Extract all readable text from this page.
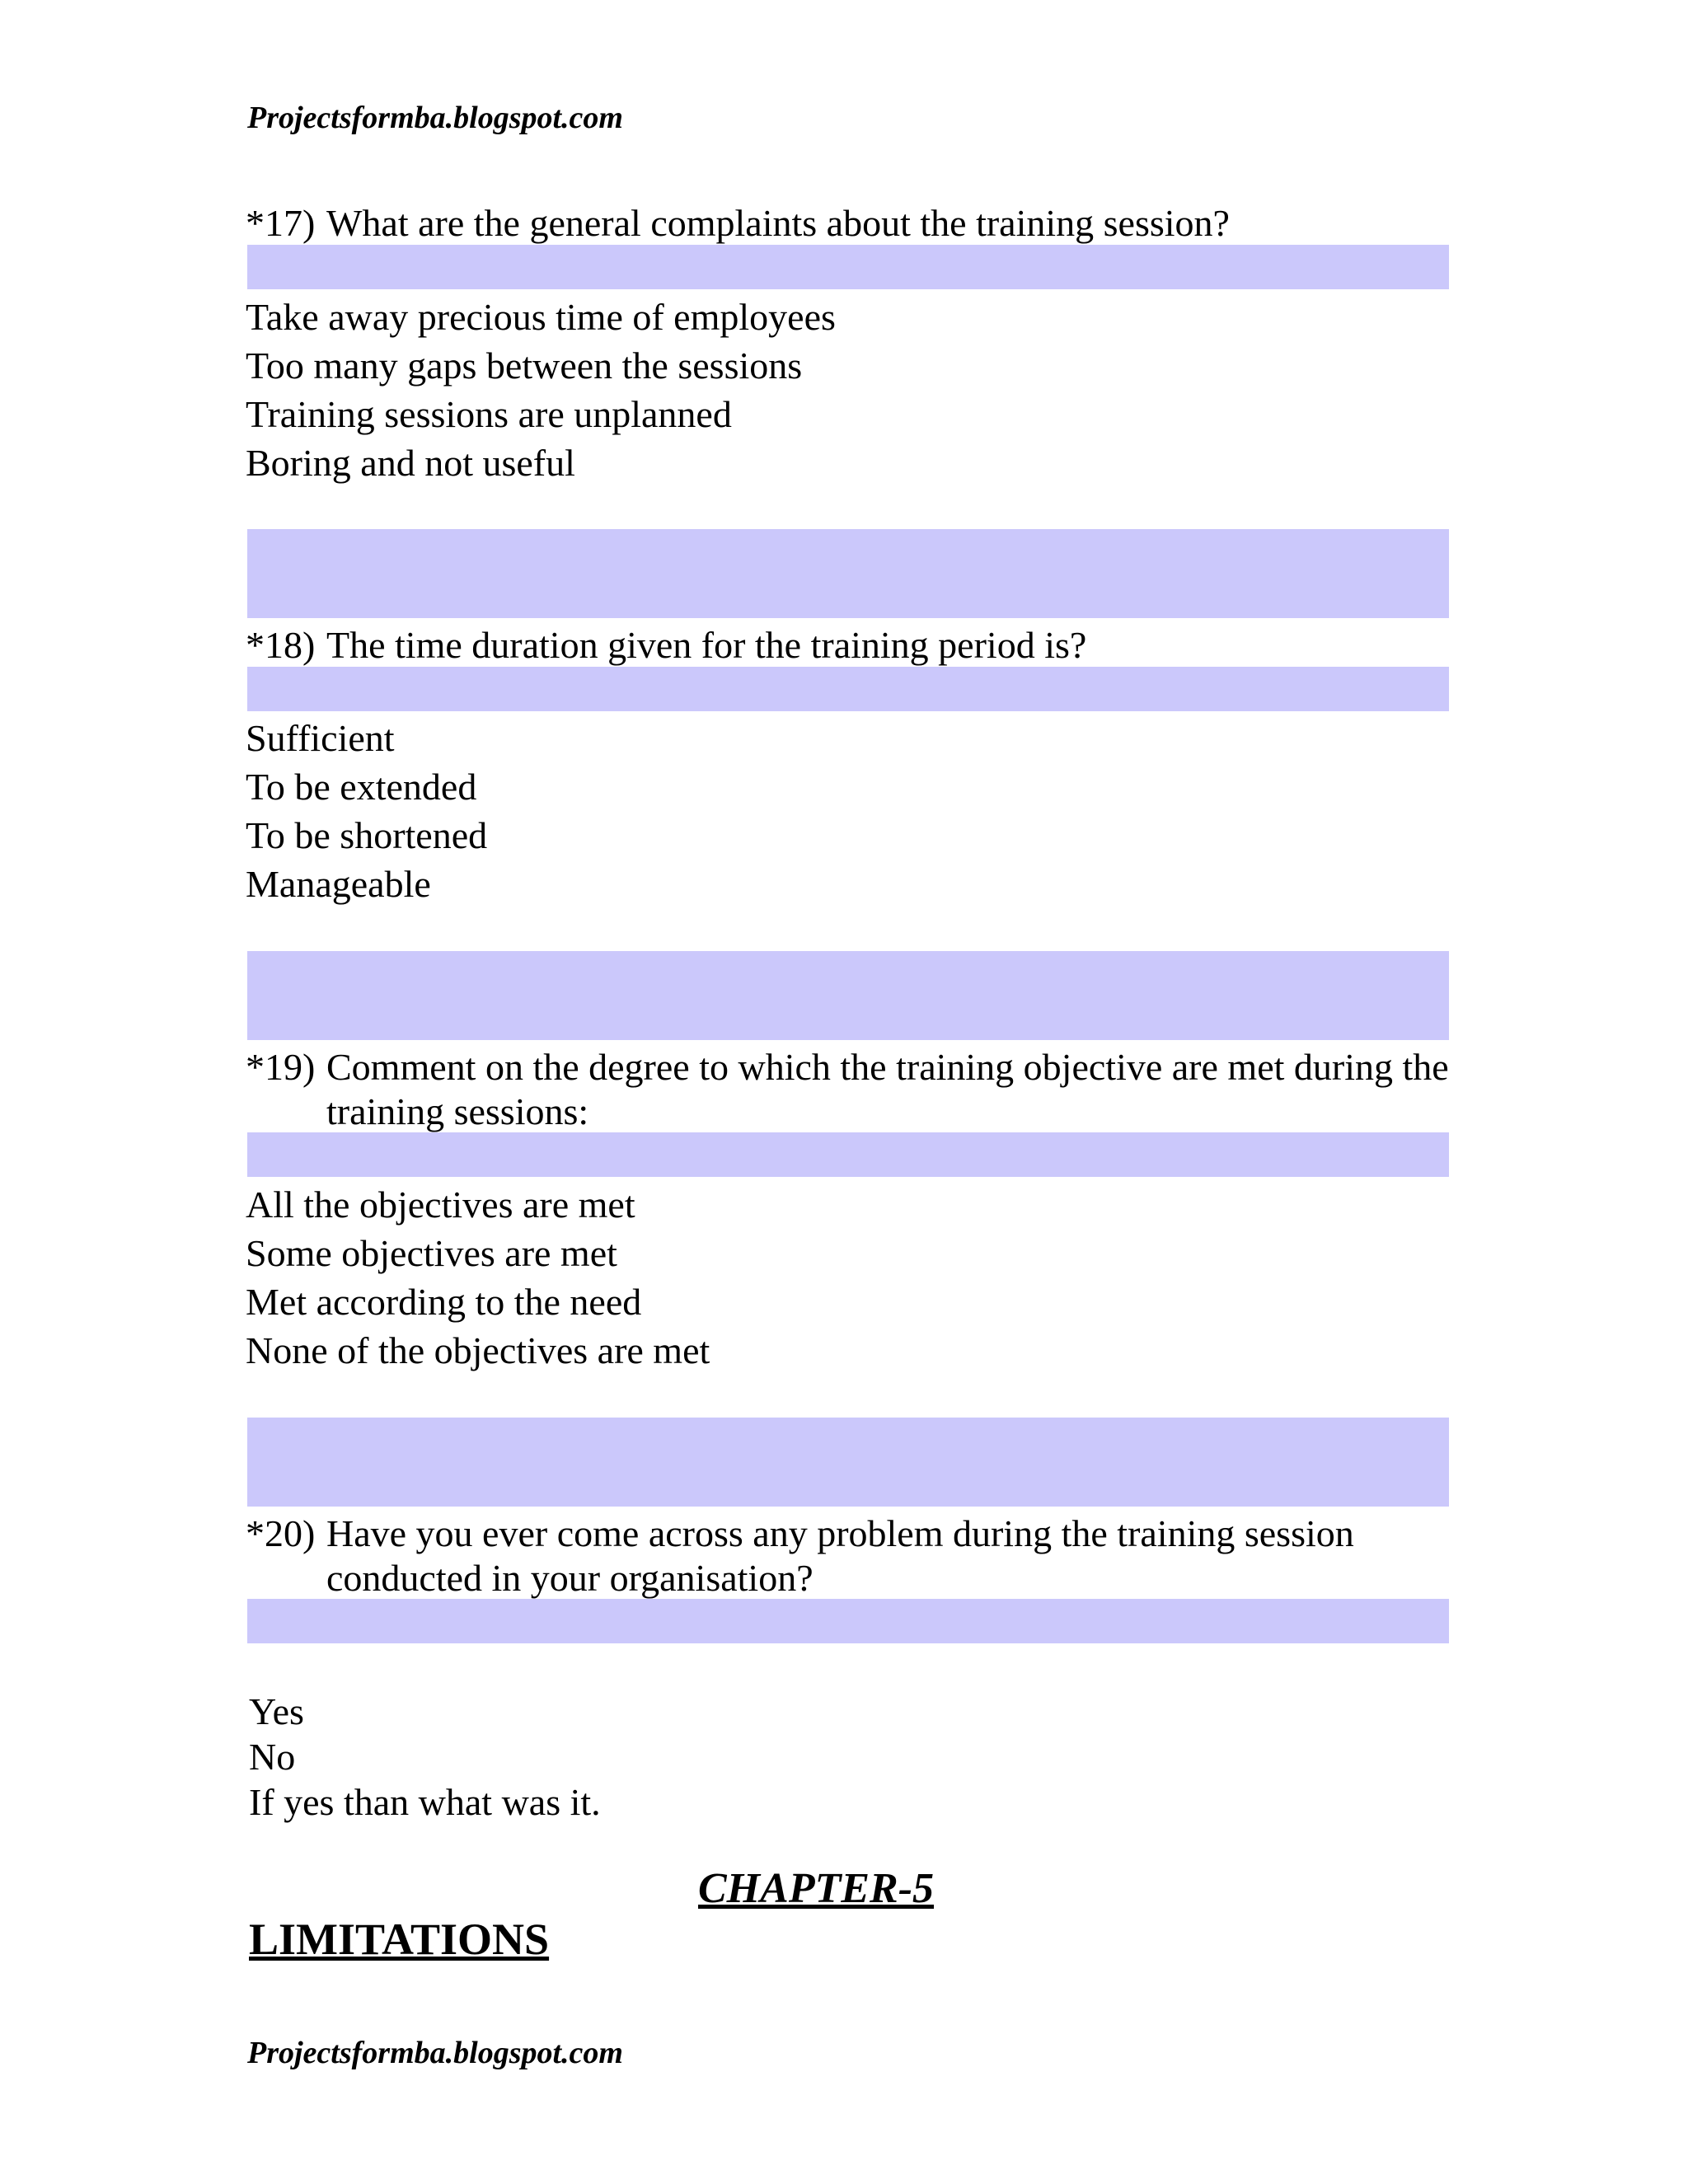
Projectsformba.blogspot.com
*17) What are the general complaints about the training session?
Take away precious time of employees
Too many gaps between the sessions
Training sessions are unplanned
Boring and not useful
*18) The time duration given for the training period is?
Sufficient
To be extended
To be shortened
Manageable
*19) Comment on the degree to which the training objective are met during the training sessions:
All the objectives are met
Some objectives are met
Met according to the need
None of the objectives are met
*20) Have you ever come across any problem during the training session conducted in your organisation?
Yes
No
If yes than what was it.
CHAPTER-5
LIMITATIONS
Projectsformba.blogspot.com
